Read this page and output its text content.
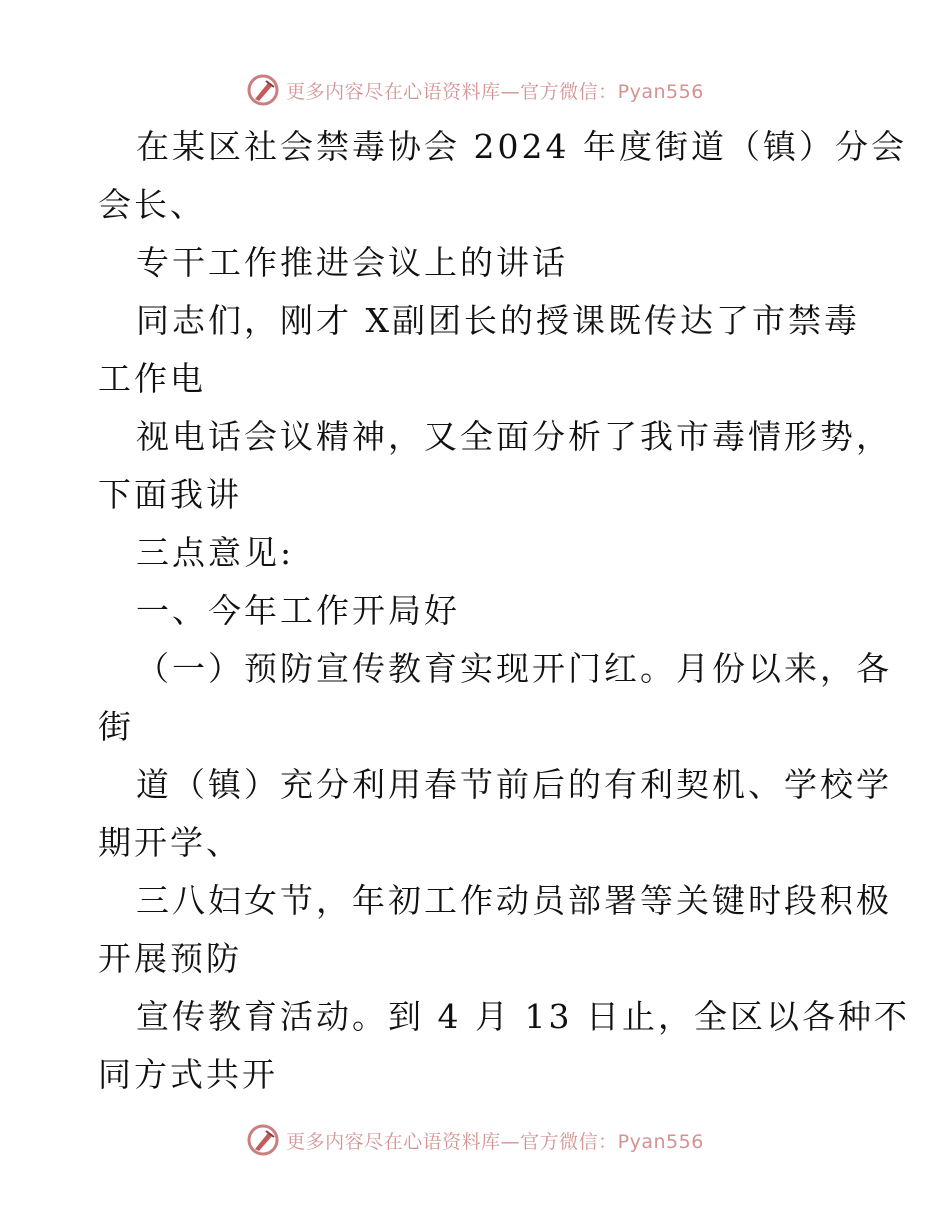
更多内容尽在心语资料库—官方微信：Pyan556
在某区社会禁毒协会 2024 年度街道（镇）分会
会长、
专干工作推进会议上的讲话
同志们，刚才 X副团长的授课既传达了市禁毒
工作电
视电话会议精神，又全面分析了我市毒情形势，
下面我讲
三点意见:
一、今年工作开局好
（一）预防宣传教育实现开门红。月份以来，各
街
道（镇）充分利用春节前后的有利契机、学校学
期开学、
三八妇女节，年初工作动员部署等关键时段积极
开展预防
宣传教育活动。到 4 月 13 日止，全区以各种不
同方式共开
更多内容尽在心语资料库—官方微信：Pyan556
